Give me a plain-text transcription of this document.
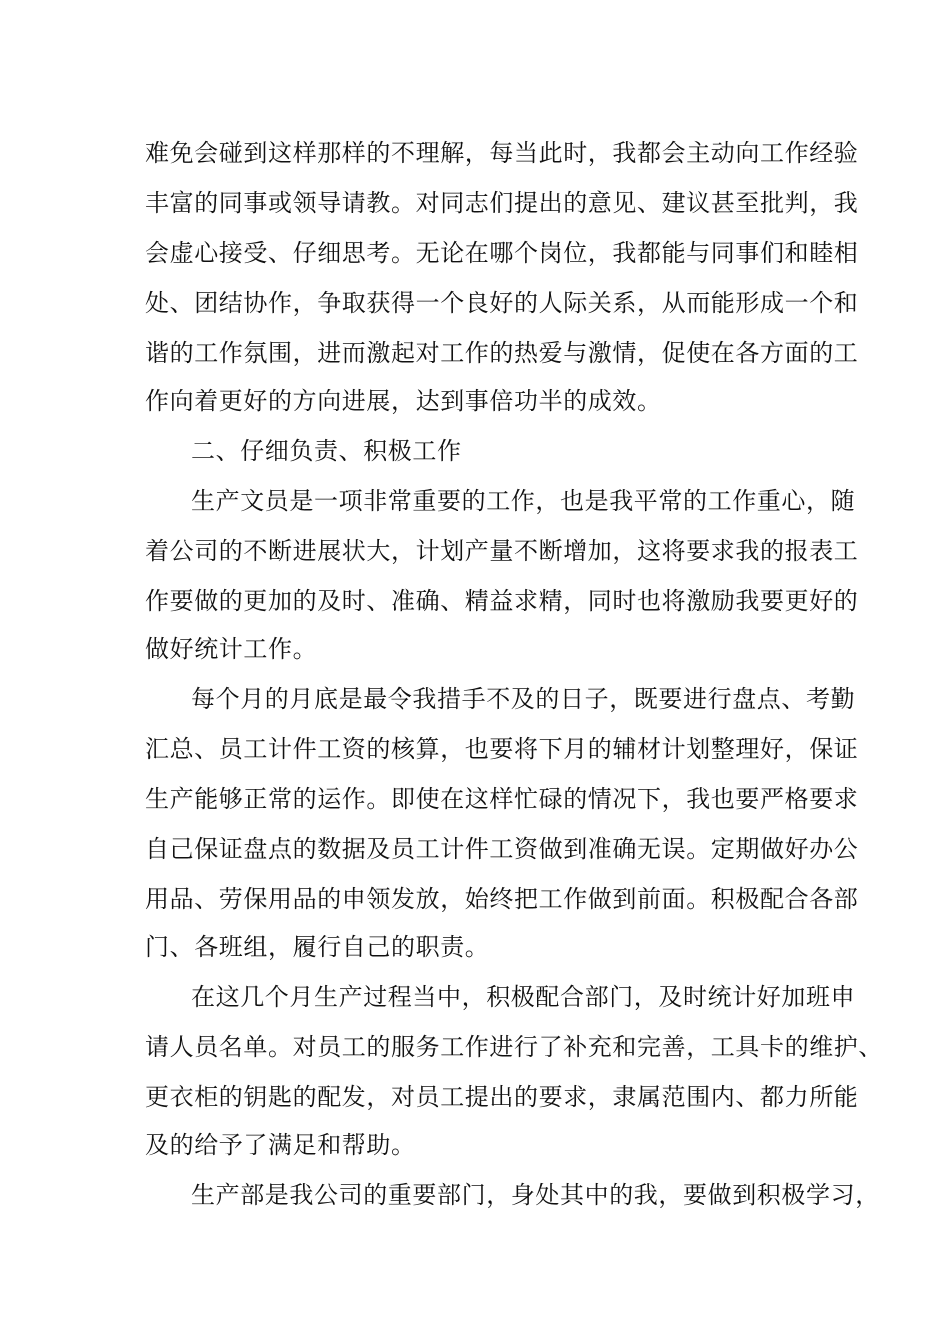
难免会碰到这样那样的不理解，每当此时，我都会主动向工作经验
丰富的同事或领导请教。对同志们提出的意见、建议甚至批判，我
会虚心接受、仔细思考。无论在哪个岗位，我都能与同事们和睦相
处、团结协作，争取获得一个良好的人际关系，从而能形成一个和
谐的工作氛围，进而激起对工作的热爱与激情，促使在各方面的工
作向着更好的方向进展，达到事倍功半的成效。
二、仔细负责、积极工作
生产文员是一项非常重要的工作，也是我平常的工作重心，随
着公司的不断进展状大，计划产量不断增加，这将要求我的报表工
作要做的更加的及时、准确、精益求精，同时也将激励我要更好的
做好统计工作。
每个月的月底是最令我措手不及的日子，既要进行盘点、考勤
汇总、员工计件工资的核算，也要将下月的辅材计划整理好，保证
生产能够正常的运作。即使在这样忙碌的情况下，我也要严格要求
自己保证盘点的数据及员工计件工资做到准确无误。定期做好办公
用品、劳保用品的申领发放，始终把工作做到前面。积极配合各部
门、各班组，履行自己的职责。
在这几个月生产过程当中，积极配合部门，及时统计好加班申
请人员名单。对员工的服务工作进行了补充和完善，工具卡的维护、
更衣柜的钥匙的配发，对员工提出的要求，隶属范围内、都力所能
及的给予了满足和帮助。
生产部是我公司的重要部门，身处其中的我，要做到积极学习，
